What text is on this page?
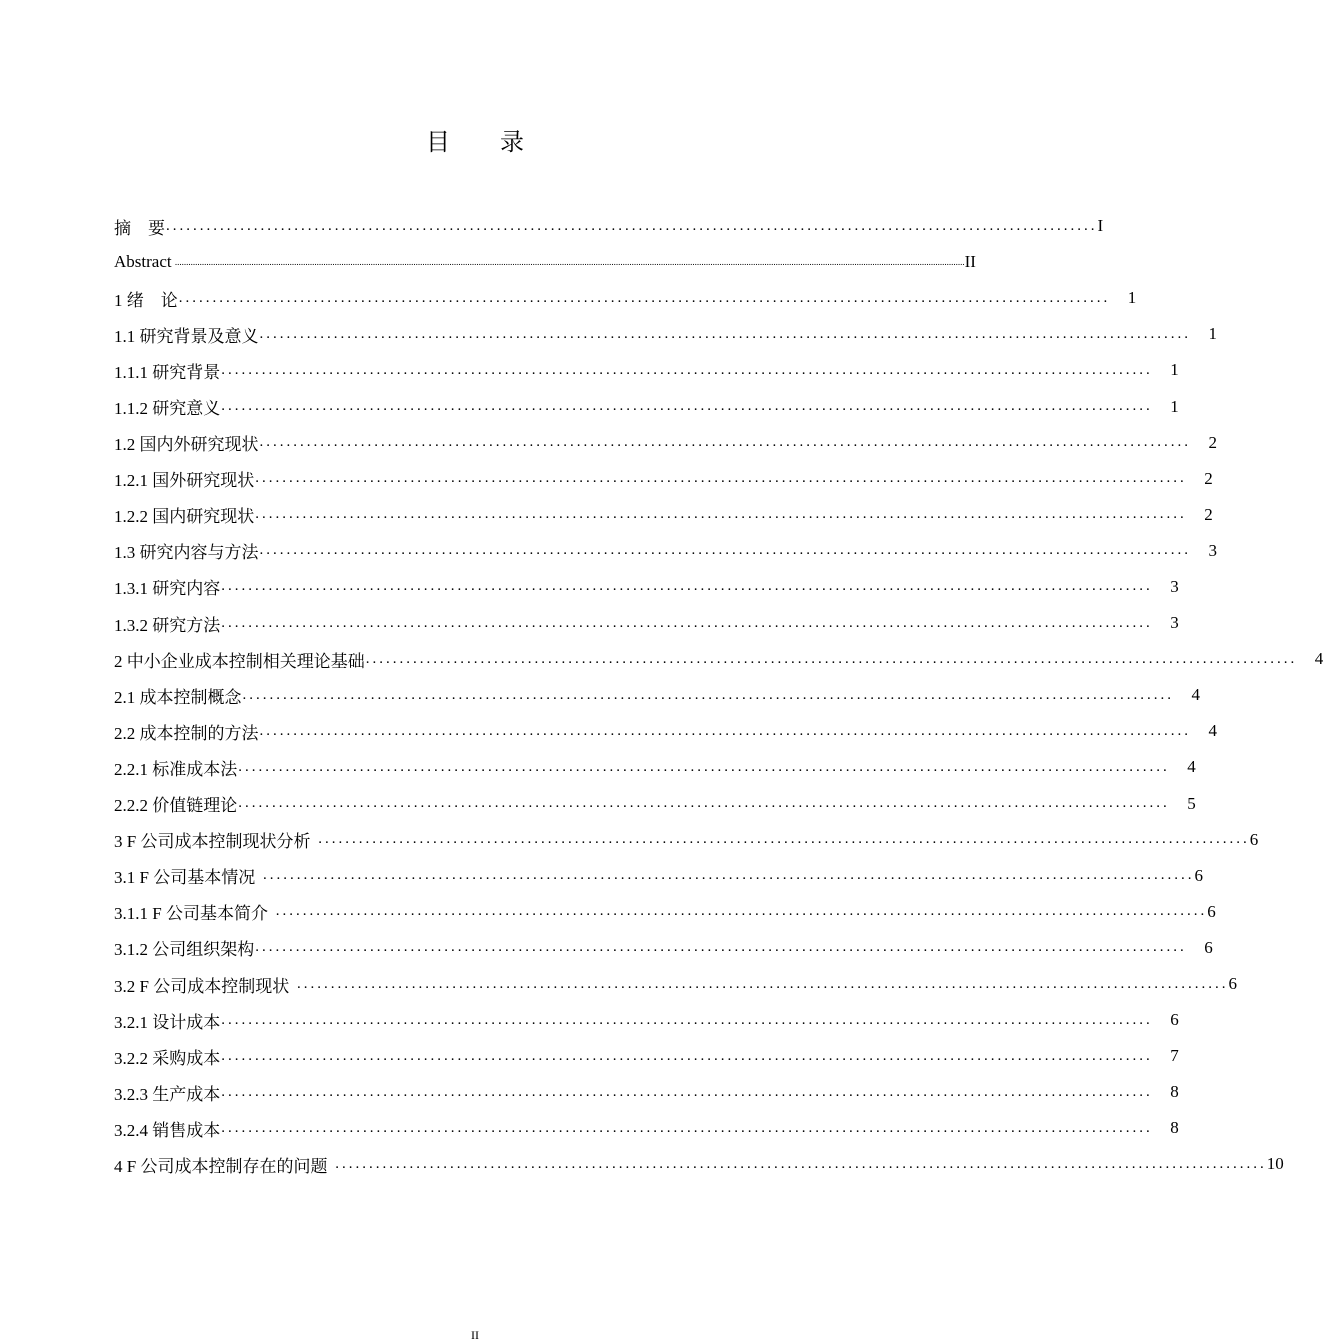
目 录
摘　要 .......................................................................................................................................... I
Abstract ............................................................................................................................................................................................................................................................................................................................................................... II
1 绪　论 .......................................................................................................................................... 1
1.1 研究背景及意义 .......................................................................................................................................... 1
1.1.1 研究背景 .......................................................................................................................................... 1
1.1.2 研究意义 .......................................................................................................................................... 1
1.2 国内外研究现状 .......................................................................................................................................... 2
1.2.1 国外研究现状 .......................................................................................................................................... 2
1.2.2 国内研究现状 .......................................................................................................................................... 2
1.3 研究内容与方法 .......................................................................................................................................... 3
1.3.1 研究内容 .......................................................................................................................................... 3
1.3.2 研究方法 .......................................................................................................................................... 3
2 中小企业成本控制相关理论基础 .......................................................................................................................................... 4
2.1 成本控制概念 .......................................................................................................................................... 4
2.2 成本控制的方法 .......................................................................................................................................... 4
2.2.1 标准成本法 .......................................................................................................................................... 4
2.2.2 价值链理论 .......................................................................................................................................... 5
3 F 公司成本控制现状分析 .......................................................................................................................................... 6
3.1 F 公司基本情况 .......................................................................................................................................... 6
3.1.1 F 公司基本简介 .......................................................................................................................................... 6
3.1.2 公司组织架构 .......................................................................................................................................... 6
3.2 F 公司成本控制现状 .......................................................................................................................................... 6
3.2.1 设计成本 .......................................................................................................................................... 6
3.2.2 采购成本 .......................................................................................................................................... 7
3.2.3 生产成本 .......................................................................................................................................... 8
3.2.4 销售成本 .......................................................................................................................................... 8
4 F 公司成本控制存在的问题 .......................................................................................................................................... 10
II
